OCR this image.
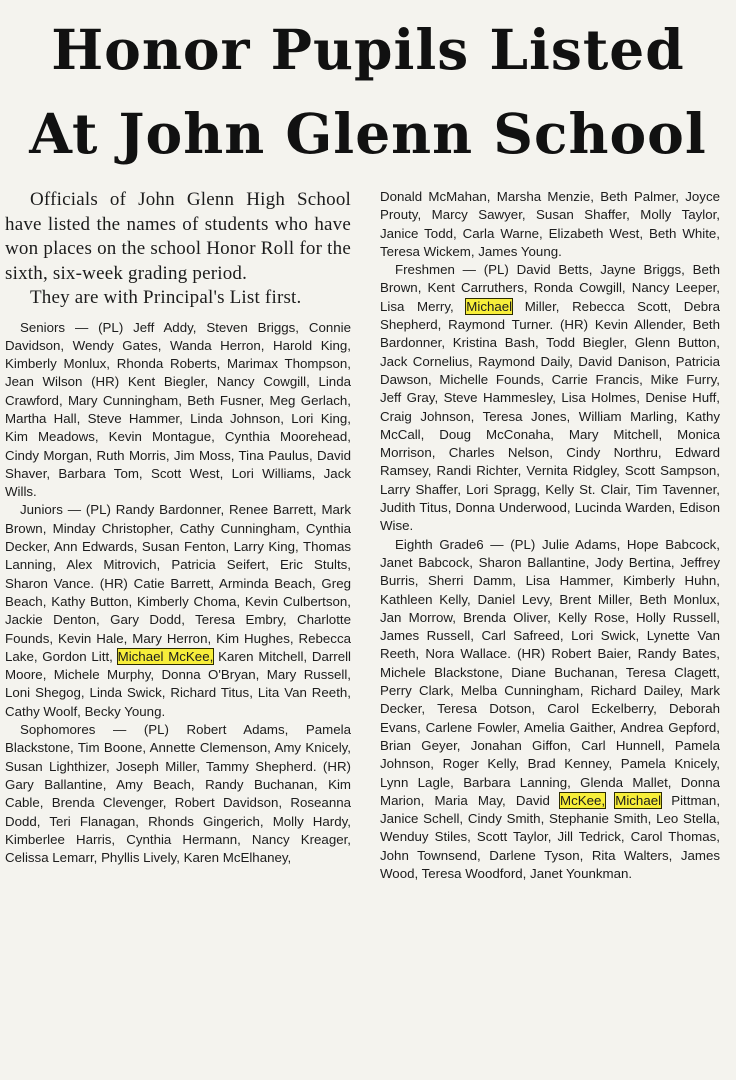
Honor Pupils Listed
At John Glenn School

Officials of John Glenn High School have listed the names of students who have won places on the school Honor Roll for the sixth, six-week grading period.

They are with Principal's List first.

Seniors — (PL) Jeff Addy, Steven Briggs, Connie Davidson, Wendy Gates, Wanda Herron, Harold King, Kimberly Monlux, Rhonda Roberts, Marimax Thompson, Jean Wilson (HR) Kent Biegler, Nancy Cowgill, Linda Crawford, Mary Cunningham, Beth Fusner, Meg Gerlach, Martha Hall, Steve Hammer, Linda Johnson, Lori King, Kim Meadows, Kevin Montague, Cynthia Moorehead, Cindy Morgan, Ruth Morris, Jim Moss, Tina Paulus, David Shaver, Barbara Tom, Scott West, Lori Williams, Jack Wills.

Juniors — (PL) Randy Bardonner, Renee Barrett, Mark Brown, Minday Christopher, Cathy Cunningham, Cynthia Decker, Ann Edwards, Susan Fenton, Larry King, Thomas Lanning, Alex Mitrovich, Patricia Seifert, Eric Stults, Sharon Vance. (HR) Catie Barrett, Arminda Beach, Greg Beach, Kathy Button, Kimberly Choma, Kevin Culbertson, Jackie Denton, Gary Dodd, Teresa Embry, Charlotte Founds, Kevin Hale, Mary Herron, Kim Hughes, Rebecca Lake, Gordon Litt, Michael McKee, Karen Mitchell, Darrell Moore, Michele Murphy, Donna O'Bryan, Mary Russell, Loni Shegog, Linda Swick, Richard Titus, Lita Van Reeth, Cathy Woolf, Becky Young.

Sophomores — (PL) Robert Adams, Pamela Blackstone, Tim Boone, Annette Clemenson, Amy Knicely, Susan Lighthizer, Joseph Miller, Tammy Shepherd. (HR) Gary Ballantine, Amy Beach, Randy Buchanan, Kim Cable, Brenda Clevenger, Robert Davidson, Roseanna Dodd, Teri Flanagan, Rhonds Gingerich, Molly Hardy, Kimberlee Harris, Cynthia Hermann, Nancy Kreager, Celissa Lemarr, Phyllis Lively, Karen McElhaney,

Donald McMahan, Marsha Menzie, Beth Palmer, Joyce Prouty, Marcy Sawyer, Susan Shaffer, Molly Taylor, Janice Todd, Carla Warne, Elizabeth West, Beth White, Teresa Wickem, James Young.

Freshmen — (PL) David Betts, Jayne Briggs, Beth Brown, Kent Carruthers, Ronda Cowgill, Nancy Leeper, Lisa Merry, Michael Miller, Rebecca Scott, Debra Shepherd, Raymond Turner. (HR) Kevin Allender, Beth Bardonner, Kristina Bash, Todd Biegler, Glenn Button, Jack Cornelius, Raymond Daily, David Danison, Patricia Dawson, Michelle Founds, Carrie Francis, Mike Furry, Jeff Gray, Steve Hammesley, Lisa Holmes, Denise Huff, Craig Johnson, Teresa Jones, William Marling, Kathy McCall, Doug McConaha, Mary Mitchell, Monica Morrison, Charles Nelson, Cindy Northru, Edward Ramsey, Randi Richter, Vernita Ridgley, Scott Sampson, Larry Shaffer, Lori Spragg, Kelly St. Clair, Tim Tavenner, Judith Titus, Donna Underwood, Lucinda Warden, Edison Wise.

Eighth Grade6 — (PL) Julie Adams, Hope Babcock, Janet Babcock, Sharon Ballantine, Jody Bertina, Jeffrey Burris, Sherri Damm, Lisa Hammer, Kimberly Huhn, Kathleen Kelly, Daniel Levy, Brent Miller, Beth Monlux, Jan Morrow, Brenda Oliver, Kelly Rose, Holly Russell, James Russell, Carl Safreed, Lori Swick, Lynette Van Reeth, Nora Wallace. (HR) Robert Baier, Randy Bates, Michele Blackstone, Diane Buchanan, Teresa Clagett, Perry Clark, Melba Cunningham, Richard Dailey, Mark Decker, Teresa Dotson, Carol Eckelberry, Deborah Evans, Carlene Fowler, Amelia Gaither, Andrea Gepford, Brian Geyer, Jonahan Giffon, Carl Hunnell, Pamela Johnson, Roger Kelly, Brad Kenney, Pamela Knicely, Lynn Lagle, Barbara Lanning, Glenda Mallet, Donna Marion, Maria May, David McKee, Michael Pittman, Janice Schell, Cindy Smith, Stephanie Smith, Leo Stella, Wenduy Stiles, Scott Taylor, Jill Tedrick, Carol Thomas, John Townsend, Darlene Tyson, Rita Walters, James Wood, Teresa Woodford, Janet Younkman.
